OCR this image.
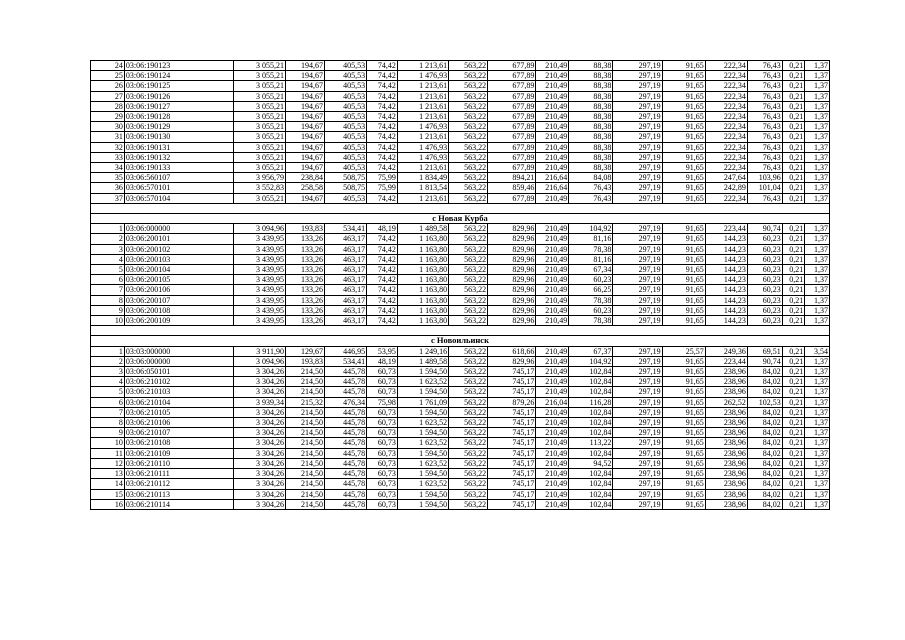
24	03:06:190123	3 055,21	194,67	405,53	74,42	1 213,61	563,22	677,89	210,49	88,38	297,19	91,65	222,34	76,43	0,21	1,37
25	03:06:190124	3 055,21	194,67	405,53	74,42	1 476,93	563,22	677,89	210,49	88,38	297,19	91,65	222,34	76,43	0,21	1,37
26	03:06:190125	3 055,21	194,67	405,53	74,42	1 213,61	563,22	677,89	210,49	88,38	297,19	91,65	222,34	76,43	0,21	1,37
27	03:06:190126	3 055,21	194,67	405,53	74,42	1 213,61	563,22	677,89	210,49	88,38	297,19	91,65	222,34	76,43	0,21	1,37
28	03:06:190127	3 055,21	194,67	405,53	74,42	1 213,61	563,22	677,89	210,49	88,38	297,19	91,65	222,34	76,43	0,21	1,37
29	03:06:190128	3 055,21	194,67	405,53	74,42	1 213,61	563,22	677,89	210,49	88,38	297,19	91,65	222,34	76,43	0,21	1,37
30	03:06:190129	3 055,21	194,67	405,53	74,42	1 476,93	563,22	677,89	210,49	88,38	297,19	91,65	222,34	76,43	0,21	1,37
31	03:06:190130	3 055,21	194,67	405,53	74,42	1 213,61	563,22	677,89	210,49	88,38	297,19	91,65	222,34	76,43	0,21	1,37
32	03:06:190131	3 055,21	194,67	405,53	74,42	1 476,93	563,22	677,89	210,49	88,38	297,19	91,65	222,34	76,43	0,21	1,37
33	03:06:190132	3 055,21	194,67	405,53	74,42	1 476,93	563,22	677,89	210,49	88,38	297,19	91,65	222,34	76,43	0,21	1,37
34	03:06:190133	3 055,21	194,67	405,53	74,42	1 213,61	563,22	677,89	210,49	88,38	297,19	91,65	222,34	76,43	0,21	1,37
35	03:06:560107	3 956,79	238,84	508,75	75,99	1 834,49	563,22	894,21	216,64	84,08	297,19	91,65	247,64	103,96	0,21	1,37
36	03:06:570101	3 552,83	258,58	508,75	75,99	1 813,54	563,22	859,46	216,64	76,43	297,19	91,65	242,89	101,04	0,21	1,37
37	03:06:570104	3 055,21	194,67	405,53	74,42	1 213,61	563,22	677,89	210,49	76,43	297,19	91,65	222,34	76,43	0,21	1,37

с Новая Курба																
1	03:06:000000	3 094,96	193,83	534,41	48,19	1 489,58	563,22	829,96	210,49	104,92	297,19	91,65	223,44	90,74	0,21	1,37
2	03:06:200101	3 439,95	133,26	463,17	74,42	1 163,80	563,22	829,96	210,49	81,16	297,19	91,65	144,23	60,23	0,21	1,37
3	03:06:200102	3 439,95	133,26	463,17	74,42	1 163,80	563,22	829,96	210,49	78,38	297,19	91,65	144,23	60,23	0,21	1,37
4	03:06:200103	3 439,95	133,26	463,17	74,42	1 163,80	563,22	829,96	210,49	81,16	297,19	91,65	144,23	60,23	0,21	1,37
5	03:06:200104	3 439,95	133,26	463,17	74,42	1 163,80	563,22	829,96	210,49	67,34	297,19	91,65	144,23	60,23	0,21	1,37
6	03:06:200105	3 439,95	133,26	463,17	74,42	1 163,80	563,22	829,96	210,49	60,23	297,19	91,65	144,23	60,23	0,21	1,37
7	03:06:200106	3 439,95	133,26	463,17	74,42	1 163,80	563,22	829,96	210,49	66,25	297,19	91,65	144,23	60,23	0,21	1,37
8	03:06:200107	3 439,95	133,26	463,17	74,42	1 163,80	563,22	829,96	210,49	78,38	297,19	91,65	144,23	60,23	0,21	1,37
9	03:06:200108	3 439,95	133,26	463,17	74,42	1 163,80	563,22	829,96	210,49	60,23	297,19	91,65	144,23	60,23	0,21	1,37
10	03:06:200109	3 439,95	133,26	463,17	74,42	1 163,80	563,22	829,96	210,49	78,38	297,19	91,65	144,23	60,23	0,21	1,37

с Новоильинск																
1	03:03:000000	3 911,90	129,67	446,95	53,95	1 249,16	563,22	618,66	210,49	67,37	297,19	25,57	249,36	69,51	0,21	3,54
2	03:06:000000	3 094,96	193,83	534,41	48,19	1 489,58	563,22	829,96	210,49	104,92	297,19	91,65	223,44	90,74	0,21	1,37
3	03:06:050101	3 304,26	214,50	445,78	60,73	1 594,50	563,22	745,17	210,49	102,84	297,19	91,65	238,96	84,02	0,21	1,37
4	03:06:210102	3 304,26	214,50	445,78	60,73	1 623,52	563,22	745,17	210,49	102,84	297,19	91,65	238,96	84,02	0,21	1,37
5	03:06:210103	3 304,26	214,50	445,78	60,73	1 594,50	563,22	745,17	210,49	102,84	297,19	91,65	238,96	84,02	0,21	1,37
6	03:06:210104	3 939,34	215,32	476,34	75,98	1 761,09	563,22	879,26	216,04	116,28	297,19	91,65	262,52	102,53	0,21	1,37
7	03:06:210105	3 304,26	214,50	445,78	60,73	1 594,50	563,22	745,17	210,49	102,84	297,19	91,65	238,96	84,02	0,21	1,37
8	03:06:210106	3 304,26	214,50	445,78	60,73	1 623,52	563,22	745,17	210,49	102,84	297,19	91,65	238,96	84,02	0,21	1,37
9	03:06:210107	3 304,26	214,50	445,78	60,73	1 594,50	563,22	745,17	210,49	102,84	297,19	91,65	238,96	84,02	0,21	1,37
10	03:06:210108	3 304,26	214,50	445,78	60,73	1 623,52	563,22	745,17	210,49	113,22	297,19	91,65	238,96	84,02	0,21	1,37
11	03:06:210109	3 304,26	214,50	445,78	60,73	1 594,50	563,22	745,17	210,49	102,84	297,19	91,65	238,96	84,02	0,21	1,37
12	03:06:210110	3 304,26	214,50	445,78	60,73	1 623,52	563,22	745,17	210,49	94,52	297,19	91,65	238,96	84,02	0,21	1,37
13	03:06:210111	3 304,26	214,50	445,78	60,73	1 594,50	563,22	745,17	210,49	102,84	297,19	91,65	238,96	84,02	0,21	1,37
14	03:06:210112	3 304,26	214,50	445,78	60,73	1 623,52	563,22	745,17	210,49	102,84	297,19	91,65	238,96	84,02	0,21	1,37
15	03:06:210113	3 304,26	214,50	445,78	60,73	1 594,50	563,22	745,17	210,49	102,84	297,19	91,65	238,96	84,02	0,21	1,37
16	03:06:210114	3 304,26	214,50	445,78	60,73	1 594,50	563,22	745,17	210,49	102,84	297,19	91,65	238,96	84,02	0,21	1,37
